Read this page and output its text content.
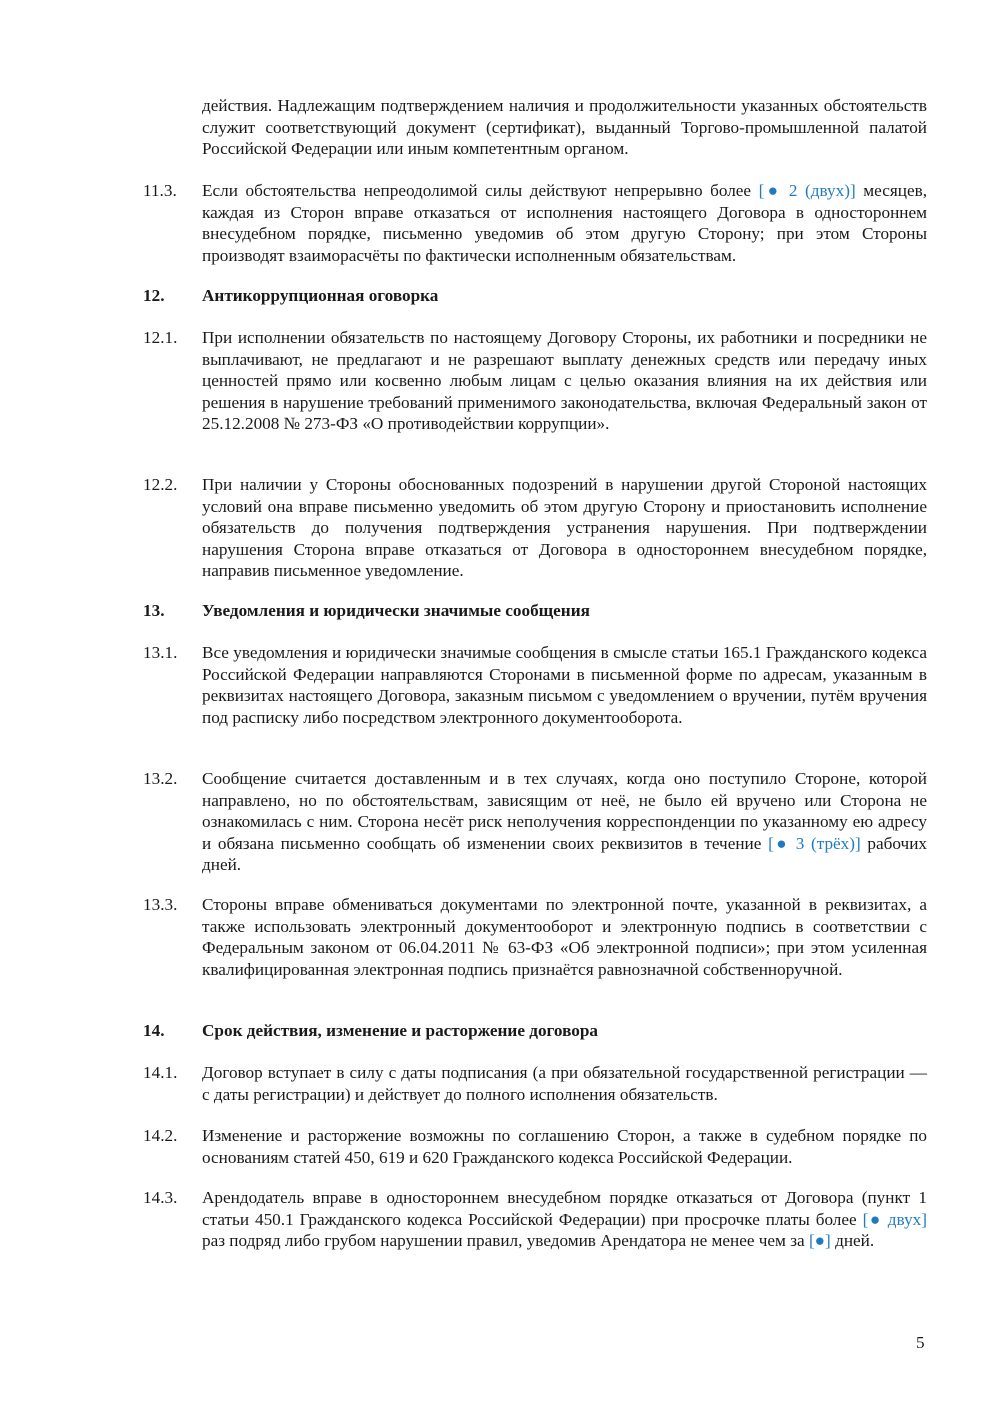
действия. Надлежащим подтверждением наличия и продолжительности указанных обстоятельств служит соответствующий документ (сертификат), выданный Торгово-промышленной палатой Российской Федерации или иным компетентным органом.
11.3. Если обстоятельства непреодолимой силы действуют непрерывно более [● 2 (двух)] месяцев, каждая из Сторон вправе отказаться от исполнения настоящего Договора в одностороннем внесудебном порядке, письменно уведомив об этом другую Сторону; при этом Стороны производят взаиморасчёты по фактически исполненным обязательствам.
12. Антикоррупционная оговорка
12.1. При исполнении обязательств по настоящему Договору Стороны, их работники и посредники не выплачивают, не предлагают и не разрешают выплату денежных средств или передачу иных ценностей прямо или косвенно любым лицам с целью оказания влияния на их действия или решения в нарушение требований применимого законодательства, включая Федеральный закон от 25.12.2008 № 273-ФЗ «О противодействии коррупции».
12.2. При наличии у Стороны обоснованных подозрений в нарушении другой Стороной настоящих условий она вправе письменно уведомить об этом другую Сторону и приостановить исполнение обязательств до получения подтверждения устранения нарушения. При подтверждении нарушения Сторона вправе отказаться от Договора в одностороннем внесудебном порядке, направив письменное уведомление.
13. Уведомления и юридически значимые сообщения
13.1. Все уведомления и юридически значимые сообщения в смысле статьи 165.1 Гражданского кодекса Российской Федерации направляются Сторонами в письменной форме по адресам, указанным в реквизитах настоящего Договора, заказным письмом с уведомлением о вручении, путём вручения под расписку либо посредством электронного документооборота.
13.2. Сообщение считается доставленным и в тех случаях, когда оно поступило Стороне, которой направлено, но по обстоятельствам, зависящим от неё, не было ей вручено или Сторона не ознакомилась с ним. Сторона несёт риск неполучения корреспонденции по указанному ею адресу и обязана письменно сообщать об изменении своих реквизитов в течение [● 3 (трёх)] рабочих дней.
13.3. Стороны вправе обмениваться документами по электронной почте, указанной в реквизитах, а также использовать электронный документооборот и электронную подпись в соответствии с Федеральным законом от 06.04.2011 № 63-ФЗ «Об электронной подписи»; при этом усиленная квалифицированная электронная подпись признаётся равнозначной собственноручной.
14. Срок действия, изменение и расторжение договора
14.1. Договор вступает в силу с даты подписания (а при обязательной государственной регистрации — с даты регистрации) и действует до полного исполнения обязательств.
14.2. Изменение и расторжение возможны по соглашению Сторон, а также в судебном порядке по основаниям статей 450, 619 и 620 Гражданского кодекса Российской Федерации.
14.3. Арендодатель вправе в одностороннем внесудебном порядке отказаться от Договора (пункт 1 статьи 450.1 Гражданского кодекса Российской Федерации) при просрочке платы более [● двух] раз подряд либо грубом нарушении правил, уведомив Арендатора не менее чем за [●] дней.
5
